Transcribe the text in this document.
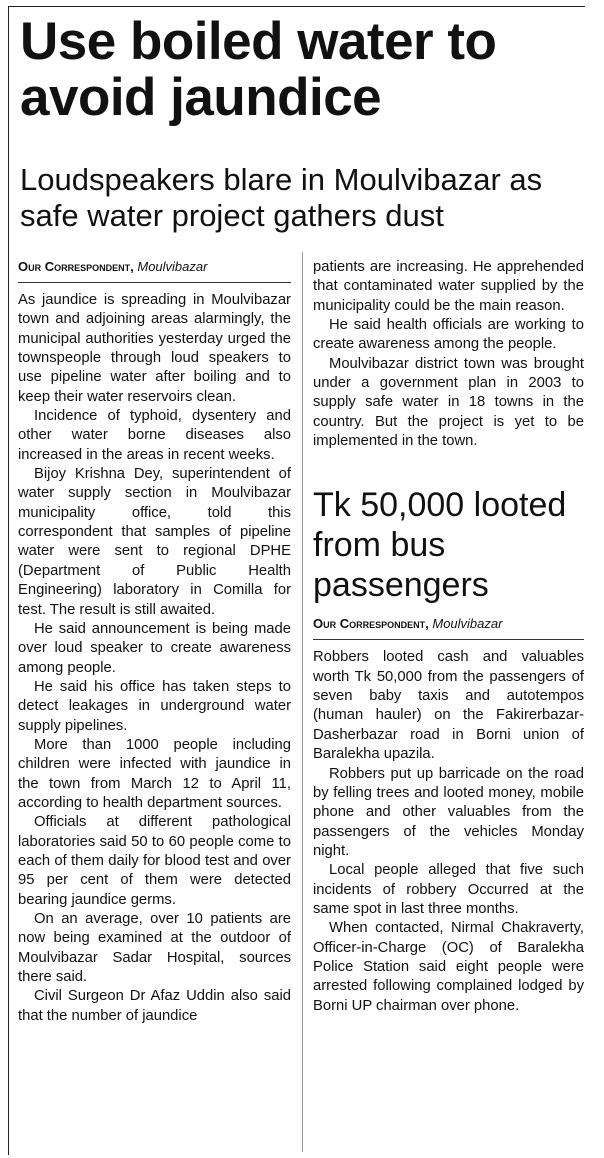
Use boiled water to avoid jaundice
Loudspeakers blare in Moulvibazar as safe water project gathers dust
Our Correspondent, Moulvibazar

As jaundice is spreading in Moulvibazar town and adjoining areas alarmingly, the municipal authorities yesterday urged the townspeople through loud speakers to use pipeline water after boiling and to keep their water reservoirs clean.

Incidence of typhoid, dysentery and other water borne diseases also increased in the areas in recent weeks.

Bijoy Krishna Dey, superintendent of water supply section in Moulvibazar municipality office, told this correspondent that samples of pipeline water were sent to regional DPHE (Department of Public Health Engineering) laboratory in Comilla for test. The result is still awaited.

He said announcement is being made over loud speaker to create awareness among people.

He said his office has taken steps to detect leakages in underground water supply pipelines.

More than 1000 people including children were infected with jaundice in the town from March 12 to April 11, according to health department sources.

Officials at different pathological laboratories said 50 to 60 people come to each of them daily for blood test and over 95 per cent of them were detected bearing jaundice germs.

On an average, over 10 patients are now being examined at the outdoor of Moulvibazar Sadar Hospital, sources there said.

Civil Surgeon Dr Afaz Uddin also said that the number of jaundice

patients are increasing. He apprehended that contaminated water supplied by the municipality could be the main reason.

He said health officials are working to create awareness among the people.

Moulvibazar district town was brought under a government plan in 2003 to supply safe water in 18 towns in the country. But the project is yet to be implemented in the town.

Tk 50,000 looted from bus passengers
Our Correspondent, Moulvibazar

Robbers looted cash and valuables worth Tk 50,000 from the passengers of seven baby taxis and autotempos (human hauler) on the Fakirerbazar- Dasherbazar road in Borni union of Baralekha upazila.

Robbers put up barricade on the road by felling trees and looted money, mobile phone and other valuables from the passengers of the vehicles Monday night.

Local people alleged that five such incidents of robbery Occurred at the same spot in last three months.

When contacted, Nirmal Chakraverty, Officer-in-Charge (OC) of Baralekha Police Station said eight people were arrested following complained lodged by Borni UP chairman over phone.
